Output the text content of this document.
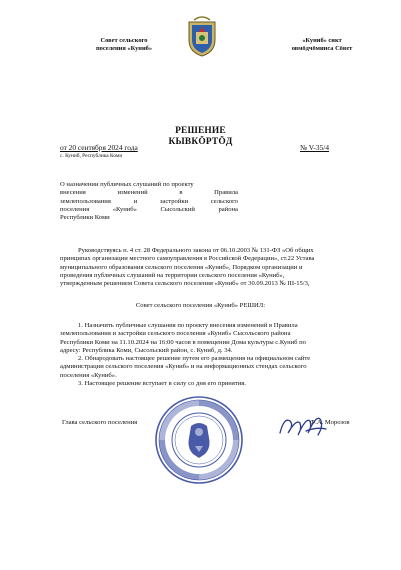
Совет сельского
поселения «Куниб»
«Куниб» сикт
овмöдчöминса Сöвет
РЕШЕНИЕ
КЫВКÖРТÖД
от 20 сентября 2024 года	№ V-35/4
с. Куниб, Республика Коми
О назначении публичных слушаний по проекту
внесения	изменений	в	Правила
землепользования	и	застройки	сельского
поселения	«Куниб»	Сысольский	района
Республики Коми
Руководствуясь п. 4 ст. 28 Федерального закона от 06.10.2003 № 131-ФЗ «Об общих
принципах организации местного самоуправления в Российской Федерации», ст.22 Устава
муниципального образования сельского поселения «Куниб», Порядком организации и
проведения публичных слушаний на территории сельского поселения «Куниб»,
утвержденным решением Совета сельского поселения «Куниб» от 30.09.2013 № III-15/3,
Совет сельского поселения «Куниб» РЕШИЛ:
1. Назначить публичные слушания по проекту внесения изменений в Правила
землепользования и застройки сельского поселения «Куниб» Сысольского района
Республики Коми на 11.10.2024 на 16:00 часов в помещении Дома культуры с.Куниб по
адресу: Республика Коми, Сысольский район, с. Куниб, д. 34.
2. Обнародовать настоящее решение путем его размещения на официальном сайте
администрации сельского поселения «Куниб» и на информационных стендах сельского
поселения «Куниб».
3. Настоящее решение вступает в силу со дня его принятия.
Глава сельского поселения	Ф.А. Морозов
